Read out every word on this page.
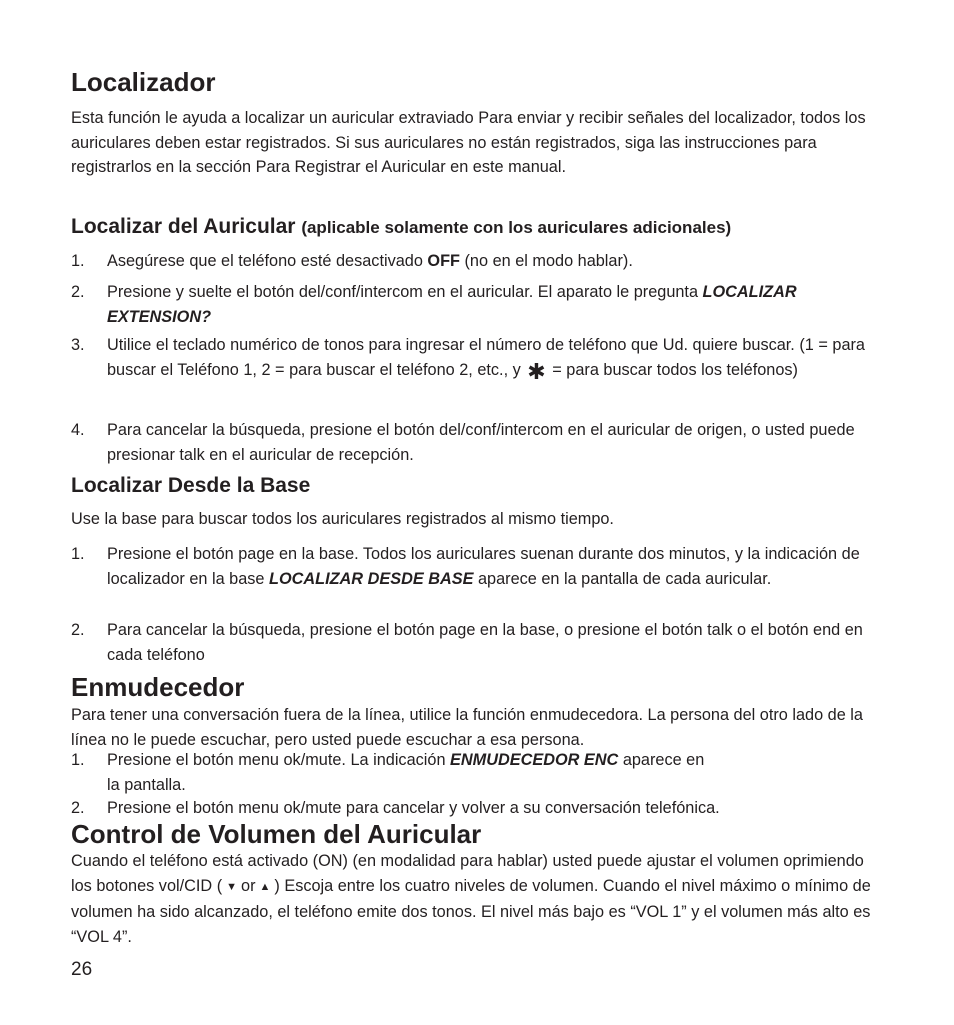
Localizador
Esta función le ayuda a localizar un auricular extraviado Para enviar y recibir señales del localizador, todos los auriculares deben estar registrados. Si sus auriculares no están registrados, siga las instrucciones para registrarlos en la sección Para Registrar el Auricular en este manual.
Localizar del Auricular (aplicable solamente con los auriculares adicionales)
1. Asegúrese que el teléfono esté desactivado OFF (no en el modo hablar).
2. Presione y suelte el botón del/conf/intercom en el auricular. El aparato le pregunta LOCALIZAR EXTENSION?
3. Utilice el teclado numérico de tonos para ingresar el número de teléfono que Ud. quiere buscar. (1 = para buscar el Teléfono 1, 2 = para buscar el teléfono 2, etc., y ✱ = para buscar todos los teléfonos)
4. Para cancelar la búsqueda, presione el botón del/conf/intercom en el auricular de origen, o usted puede presionar talk en el auricular de recepción.
Localizar Desde la Base
Use la base para buscar todos los auriculares registrados al mismo tiempo.
1. Presione el botón page en la base. Todos los auriculares suenan durante dos minutos, y la indicación de localizador en la base LOCALIZAR DESDE BASE aparece en la pantalla de cada auricular.
2. Para cancelar la búsqueda, presione el botón page en la base, o presione el botón talk o el botón end en cada teléfono
Enmudecedor
Para tener una conversación fuera de la línea, utilice la función enmudecedora. La persona del otro lado de la línea no le puede escuchar, pero usted puede escuchar a esa persona.
1. Presione el botón menu ok/mute. La indicación ENMUDECEDOR ENC aparece en
la pantalla.
2. Presione el botón menu ok/mute para cancelar y volver a su conversación telefónica.
Control de Volumen del Auricular
Cuando el teléfono está activado (ON) (en modalidad para hablar) usted puede ajustar el volumen oprimiendo los botones vol/CID ( ▼ or ▲ ) Escoja entre los cuatro niveles de volumen. Cuando el nivel máximo o mínimo de volumen ha sido alcanzado, el teléfono emite dos tonos. El nivel más bajo es “VOL 1” y el volumen más alto es “VOL 4”.
26
